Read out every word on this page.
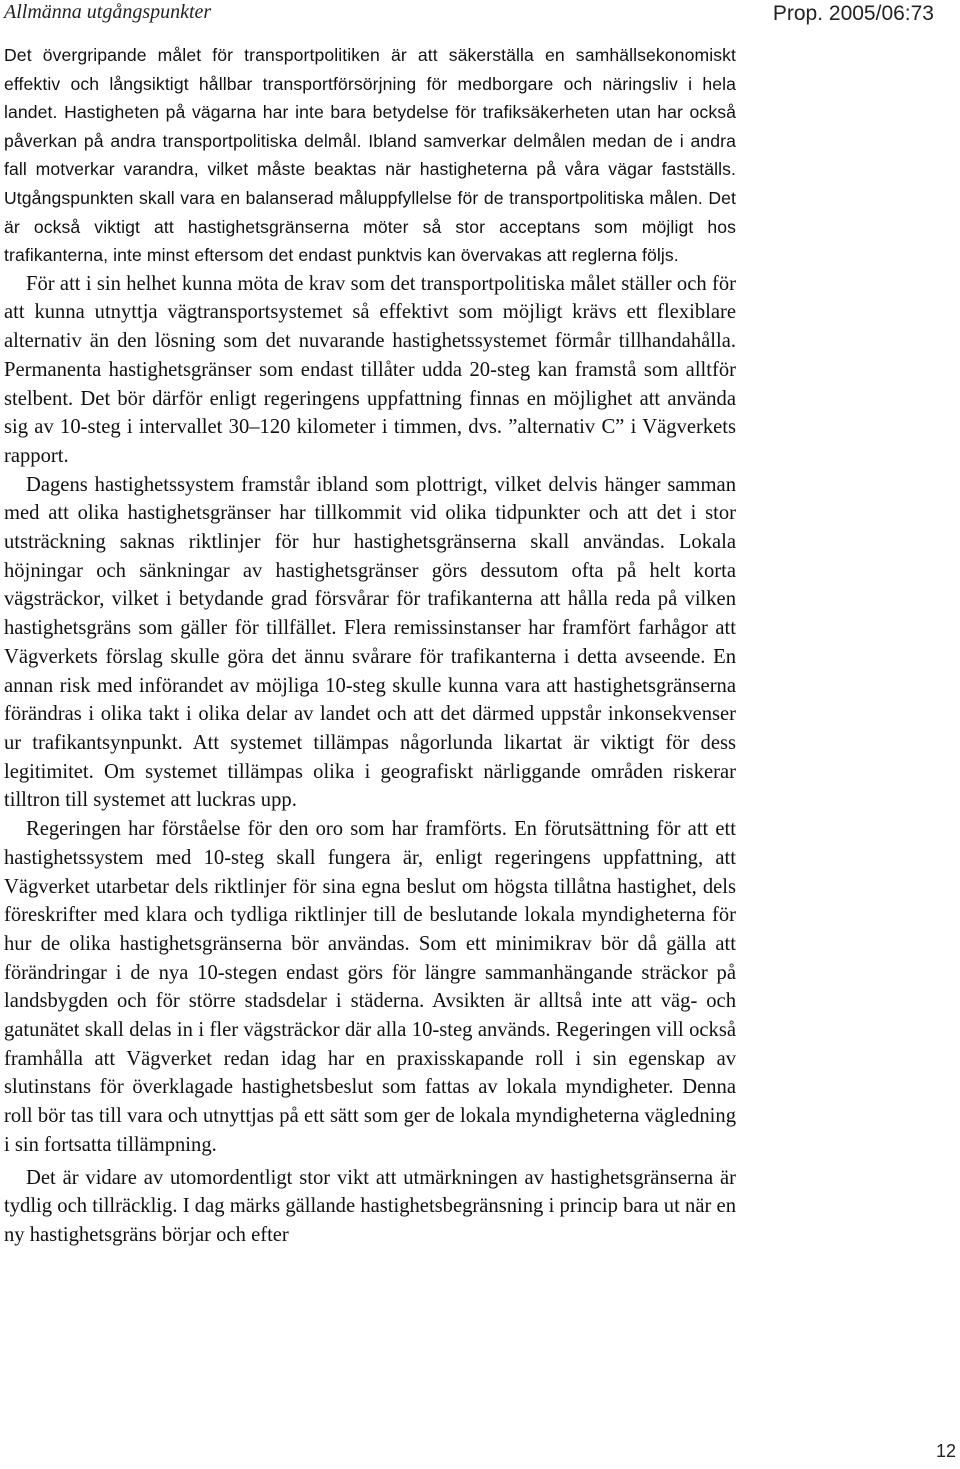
Allmänna utgångspunkter	Prop. 2005/06:73

Det övergripande målet för transportpolitiken är att säkerställa en samhällsekonomiskt effektiv och långsiktigt hållbar transportförsörjning för medborgare och näringsliv i hela landet. Hastigheten på vägarna har inte bara betydelse för trafiksäkerheten utan har också påverkan på andra transportpolitiska delmål. Ibland samverkar delmålen medan de i andra fall motverkar varandra, vilket måste beaktas när hastigheterna på våra vägar fastställs. Utgångspunkten skall vara en balanserad måluppfyllelse för de transportpolitiska målen. Det är också viktigt att hastighetsgränserna möter så stor acceptans som möjligt hos trafikanterna, inte minst eftersom det endast punktvis kan övervakas att reglerna följs.

För att i sin helhet kunna möta de krav som det transportpolitiska målet ställer och för att kunna utnyttja vägtransportsystemet så effektivt som möjligt krävs ett flexiblare alternativ än den lösning som det nuvarande hastighetssystemet förmår tillhandahålla. Permanenta hastighetsgränser som endast tillåter udda 20-steg kan framstå som alltför stelbent. Det bör därför enligt regeringens uppfattning finnas en möjlighet att använda sig av 10-steg i intervallet 30–120 kilometer i timmen, dvs. ”alternativ C” i Vägverkets rapport.

Dagens hastighetssystem framstår ibland som plottrigt, vilket delvis hänger samman med att olika hastighetsgränser har tillkommit vid olika tidpunkter och att det i stor utsträckning saknas riktlinjer för hur hastighetsgränserna skall användas. Lokala höjningar och sänkningar av hastighetsgränser görs dessutom ofta på helt korta vägsträckor, vilket i betydande grad försvårar för trafikanterna att hålla reda på vilken hastighetsgräns som gäller för tillfället. Flera remissinstanser har framfört farhågor att Vägverkets förslag skulle göra det ännu svårare för trafikanterna i detta avseende. En annan risk med införandet av möjliga 10-steg skulle kunna vara att hastighetsgränserna förändras i olika takt i olika delar av landet och att det därmed uppstår inkonsekvenser ur trafikantsynpunkt. Att systemet tillämpas någorlunda likartat är viktigt för dess legitimitet. Om systemet tillämpas olika i geografiskt närliggande områden riskerar tilltron till systemet att luckras upp.

Regeringen har förståelse för den oro som har framförts. En förutsättning för att ett hastighetssystem med 10-steg skall fungera är, enligt regeringens uppfattning, att Vägverket utarbetar dels riktlinjer för sina egna beslut om högsta tillåtna hastighet, dels föreskrifter med klara och tydliga riktlinjer till de beslutande lokala myndigheterna för hur de olika hastighetsgränserna bör användas. Som ett minimikrav bör då gälla att förändringar i de nya 10-stegen endast görs för längre sammanhängande sträckor på landsbygden och för större stadsdelar i städerna. Avsikten är alltså inte att väg- och gatunätet skall delas in i fler vägsträckor där alla 10-steg används. Regeringen vill också framhålla att Vägverket redan idag har en praxisskapande roll i sin egenskap av slutinstans för överklagade hastighetsbeslut som fattas av lokala myndigheter. Denna roll bör tas till vara och utnyttjas på ett sätt som ger de lokala myndigheterna vägledning i sin fortsatta tillämpning.

Det är vidare av utomordentligt stor vikt att utmärkningen av hastighetsgränserna är tydlig och tillräcklig. I dag märks gällande hastighetsbegränsning i princip bara ut när en ny hastighetsgräns börjar och efter

12
